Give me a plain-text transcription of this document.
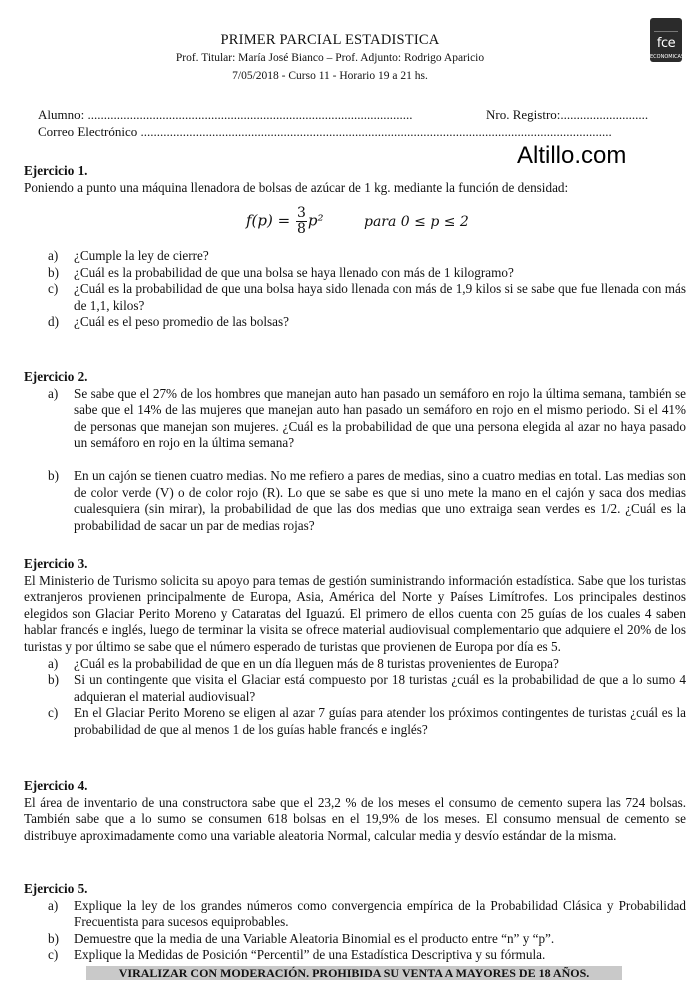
PRIMER PARCIAL ESTADISTICA
Prof. Titular: María José Bianco – Prof. Adjunto: Rodrigo Aparicio
7/05/2018 - Curso 11 - Horario 19 a 21 hs.
fce
ECONOMICAS
Alumno: ....................................................................................................	Nro. Registro:...........................
Correo Electrónico .................................................................................................................................................
Altillo.com
Ejercicio 1.

Poniendo a punto una máquina llenadora de bolsas de azúcar de 1 kg. mediante la función de densidad:

$f(p) = \frac{3}{8} p^2$	para 0 ≤ p ≤ 2
a) ¿Cumple la ley de cierre?
b) ¿Cuál es la probabilidad de que una bolsa se haya llenado con más de 1 kilogramo?
c) ¿Cuál es la probabilidad de que una bolsa haya sido llenada con más de 1,9 kilos si se sabe que fue llenada con más de 1,1, kilos?
d) ¿Cuál es el peso promedio de las bolsas?
Ejercicio 2.
a) Se sabe que el 27% de los hombres que manejan auto han pasado un semáforo en rojo la última semana, también se sabe que el 14% de las mujeres que manejan auto han pasado un semáforo en rojo en el mismo periodo. Si el 41% de personas que manejan son mujeres. ¿Cuál es la probabilidad de que una persona elegida al azar no haya pasado un semáforo en rojo en la última semana?
b) En un cajón se tienen cuatro medias. No me refiero a pares de medias, sino a cuatro medias en total. Las medias son de color verde (V) o de color rojo (R). Lo que se sabe es que si uno mete la mano en el cajón y saca dos medias cualesquiera (sin mirar), la probabilidad de que las dos medias que uno extraiga sean verdes es 1/2. ¿Cuál es la probabilidad de sacar un par de medias rojas?
Ejercicio 3.

El Ministerio de Turismo solicita su apoyo para temas de gestión suministrando información estadística. Sabe que los turistas extranjeros provienen principalmente de Europa, Asia, América del Norte y Países Limítrofes. Los principales destinos elegidos son Glaciar Perito Moreno y Cataratas del Iguazú. El primero de ellos cuenta con 25 guías de los cuales 4 saben hablar francés e inglés, luego de terminar la visita se ofrece material audiovisual complementario que adquiere el 20% de los turistas y por último se sabe que el número esperado de turistas que provienen de Europa por día es 5.

a) ¿Cuál es la probabilidad de que en un día lleguen más de 8 turistas provenientes de Europa?
b) Si un contingente que visita el Glaciar está compuesto por 18 turistas ¿cuál es la probabilidad de que a lo sumo 4 adquieran el material audiovisual?
c) En el Glaciar Perito Moreno se eligen al azar 7 guías para atender los próximos contingentes de turistas ¿cuál es la probabilidad de que al menos 1 de los guías hable francés e inglés?
Ejercicio 4.

El área de inventario de una constructora sabe que el 23,2 % de los meses el consumo de cemento supera las 724 bolsas. También sabe que a lo sumo se consumen 618 bolsas en el 19,9% de los meses. El consumo mensual de cemento se distribuye aproximadamente como una variable aleatoria Normal, calcular media y desvío estándar de la misma.

Ejercicio 5.
a) Explique la ley de los grandes números como convergencia empírica de la Probabilidad Clásica y Probabilidad Frecuentista para sucesos equiprobables.
b) Demuestre que la media de una Variable Aleatoria Binomial es el producto entre “n” y “p”.
c) Explique la Medidas de Posición “Percentil” de una Estadística Descriptiva y su fórmula.
VIRALIZAR CON MODERACIÓN. PROHIBIDA SU VENTA A MAYORES DE 18 AÑOS.
